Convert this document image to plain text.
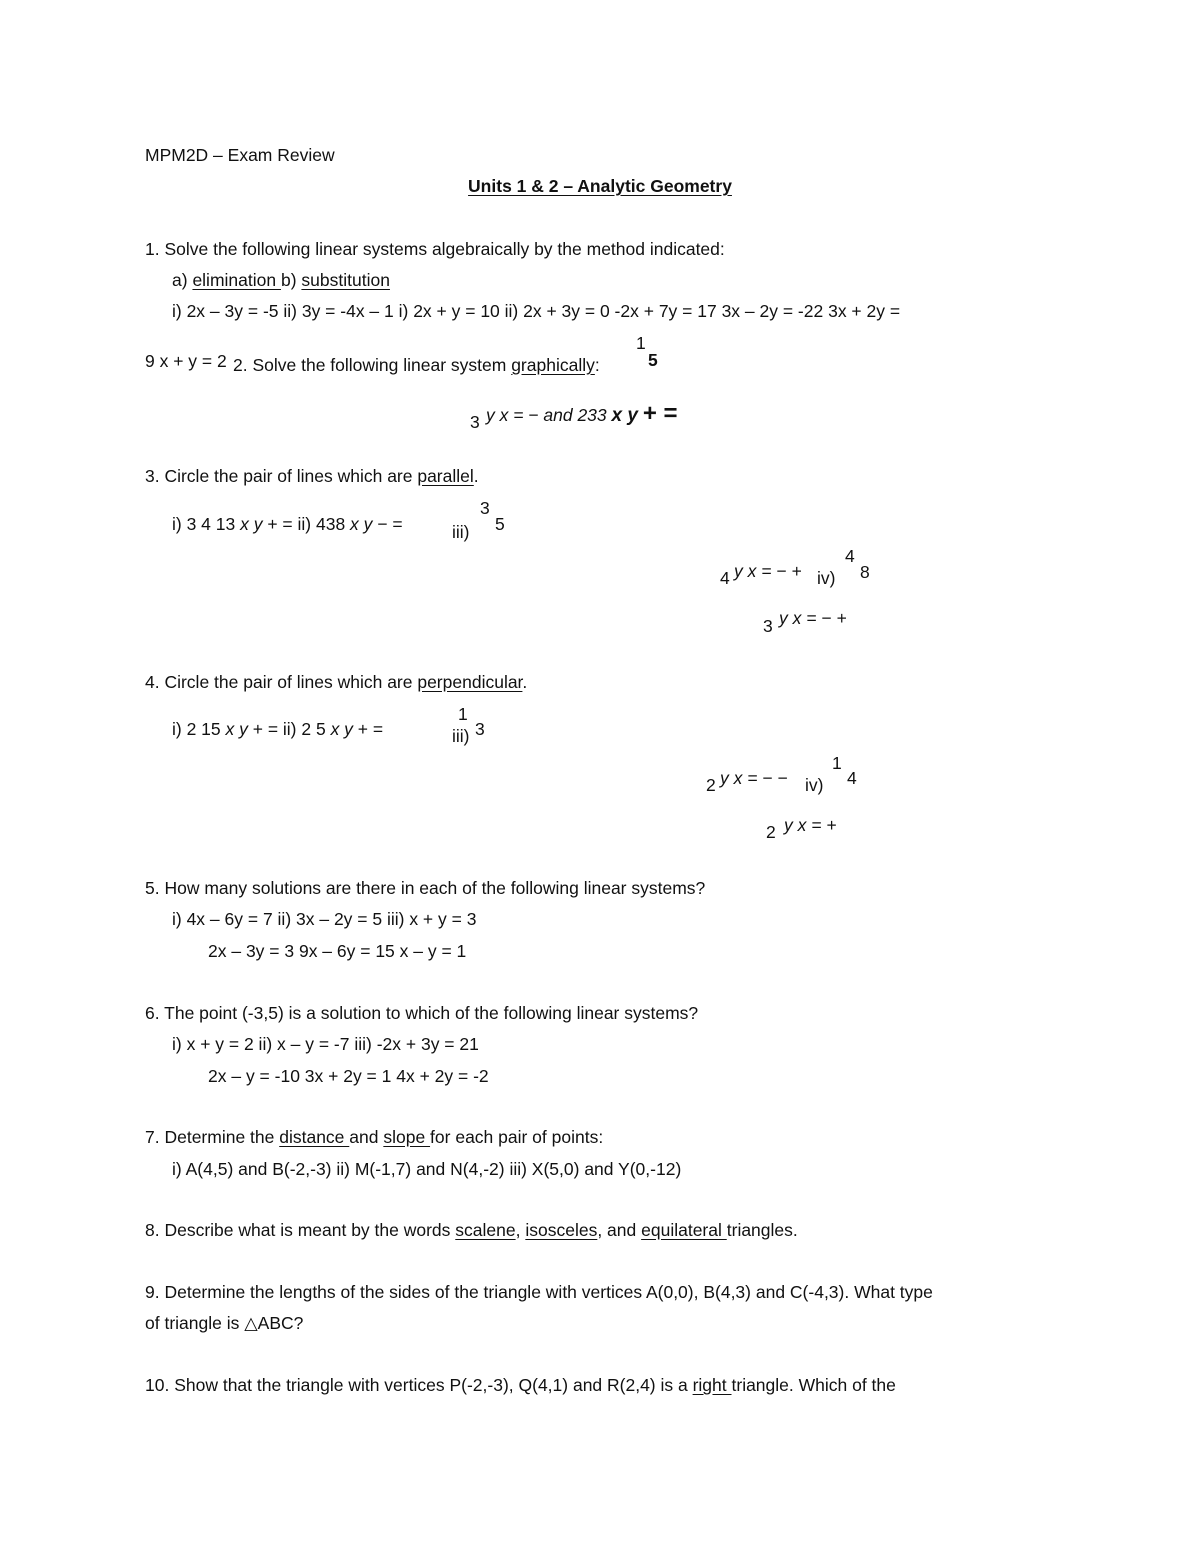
MPM2D – Exam Review
Units 1 & 2 – Analytic Geometry
1. Solve the following linear systems algebraically by the method indicated:
a) elimination b) substitution
i) 2x – 3y = -5 ii) 3y = -4x – 1 i) 2x + y = 10 ii) 2x + 3y = 0 -2x + 7y = 17 3x – 2y = -22 3x + 2y =
9 x + y = 2 2. Solve the following linear system graphically:
1
5
3 y x = − and 233 x y + =
3. Circle the pair of lines which are parallel.
i) 3 4 13 x y + = ii) 438 x y − =	iii)
3
5
4 y x = − + iv)
4
8
3 y x = − +
4. Circle the pair of lines which are perpendicular.
i) 2 15 x y + = ii) 2 5 x y + =	iii)
1
3
2 y x = − − iv)
1
4
2 y x = +
5. How many solutions are there in each of the following linear systems?
i) 4x – 6y = 7 ii) 3x – 2y = 5 iii) x + y = 3
2x – 3y = 3 9x – 6y = 15 x – y = 1
6. The point (-3,5) is a solution to which of the following linear systems?
i) x + y = 2 ii) x – y = -7 iii) -2x + 3y = 21
2x – y = -10 3x + 2y = 1 4x + 2y = -2
7. Determine the distance and slope for each pair of points:
i) A(4,5) and B(-2,-3) ii) M(-1,7) and N(4,-2) iii) X(5,0) and Y(0,-12)
8. Describe what is meant by the words scalene, isosceles, and equilateral triangles.
9. Determine the lengths of the sides of the triangle with vertices A(0,0), B(4,3) and C(-4,3). What type
of triangle is △ABC?
10. Show that the triangle with vertices P(-2,-3), Q(4,1) and R(2,4) is a right triangle. Which of the
